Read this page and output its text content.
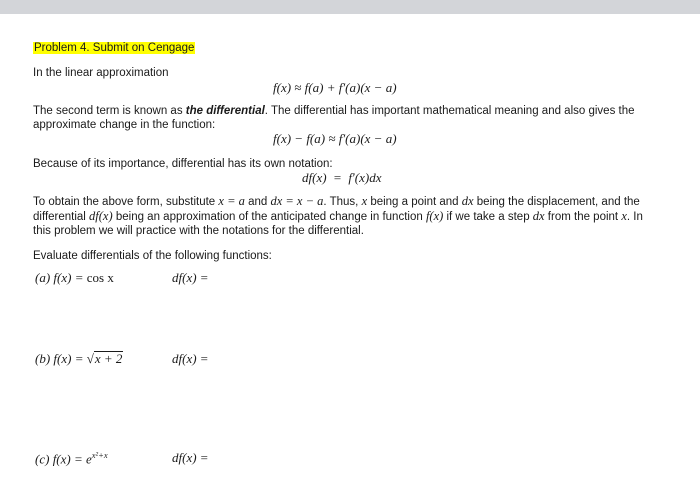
Problem 4. Submit on Cengage
In the linear approximation
f(x) ≈ f(a) + f′(a)(x − a)
The second term is known as the differential. The differential has important mathematical meaning and also gives the approximate change in the function:
f(x) − f(a) ≈ f′(a)(x − a)
Because of its importance, differential has its own notation:
df(x)  =  f′(x)dx
To obtain the above form, substitute x = a and dx = x − a. Thus, x being a point and dx being the displacement, and the differential df(x) being an approximation of the anticipated change in function f(x) if we take a step dx from the point x. In this problem we will practice with the notations for the differential.
Evaluate differentials of the following functions:
(a) f(x) = cos x	df(x) =
(b) f(x) = √x + 2	df(x) =
(c) $f(x) = e^{x^2+x}$	df(x) =
